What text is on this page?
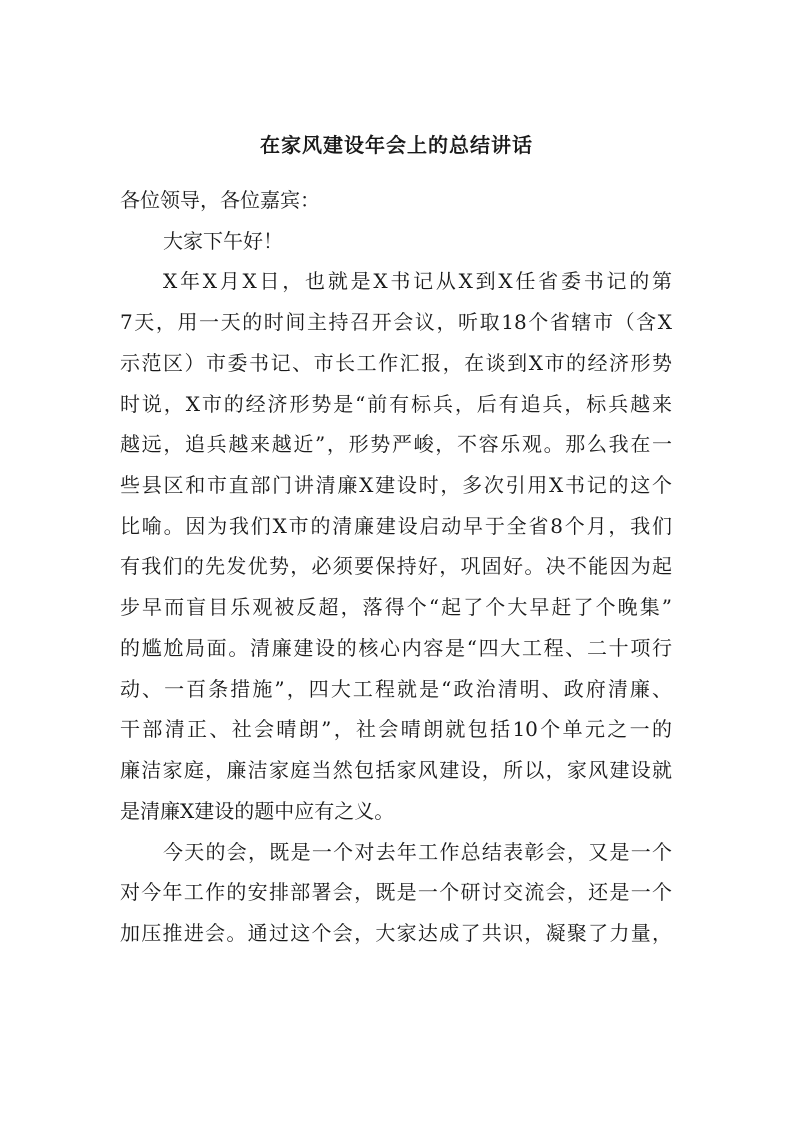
在家风建设年会上的总结讲话
各位领导，各位嘉宾：
大家下午好！
X年X月X日，也就是X书记从X到X任省委书记的第
7天，用一天的时间主持召开会议，听取18个省辖市（含X
示范区）市委书记、市长工作汇报，在谈到X市的经济形势
时说，X市的经济形势是“前有标兵，后有追兵，标兵越来
越远，追兵越来越近”，形势严峻，不容乐观。那么我在一
些县区和市直部门讲清廉X建设时，多次引用X书记的这个
比喻。因为我们X市的清廉建设启动早于全省8个月，我们
有我们的先发优势，必须要保持好，巩固好。决不能因为起
步早而盲目乐观被反超，落得个“起了个大早赶了个晚集”
的尴尬局面。清廉建设的核心内容是“四大工程、二十项行
动、一百条措施”，四大工程就是“政治清明、政府清廉、
干部清正、社会晴朗”，社会晴朗就包括10个单元之一的
廉洁家庭，廉洁家庭当然包括家风建设，所以，家风建设就
是清廉X建设的题中应有之义。
今天的会，既是一个对去年工作总结表彰会，又是一个
对今年工作的安排部署会，既是一个研讨交流会，还是一个
加压推进会。通过这个会，大家达成了共识，凝聚了力量，
